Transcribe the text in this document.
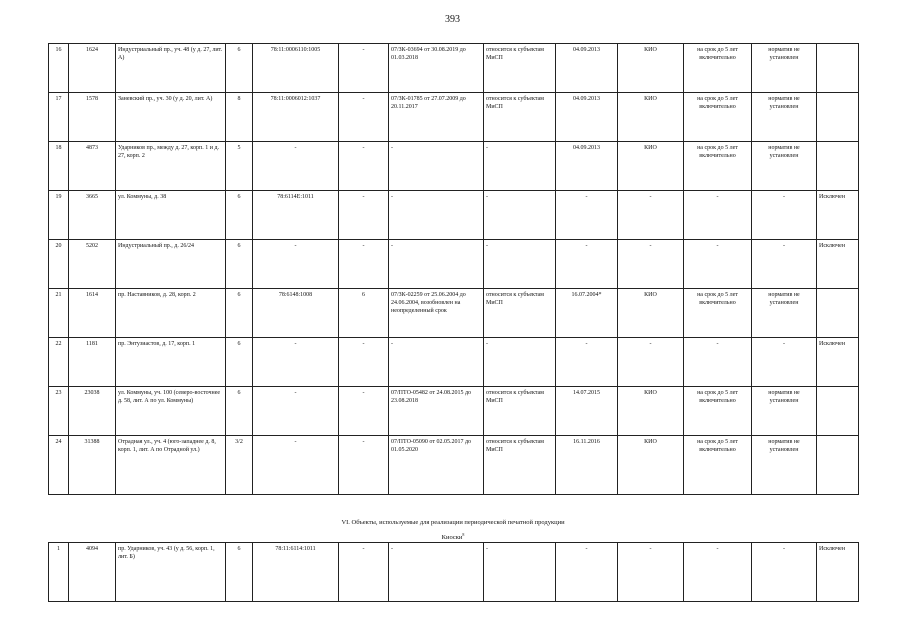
393
16	1624	Индустриальный пр., уч. 48 (у д. 27, лит. А)	6	78:11:0006110:1005	-	07/ЗК-03694 от 30.08.2019 до 01.03.2018	относится к субъектам МиСП	04.09.2013	КИО	на срок до 5 лет включительно	норматив не установлен	
17	1578	Заневский пр., уч. 30 (у д. 20, лит. А)	8	78:11:0006012:1037	-	07/ЗК-01785 от 27.07.2009 до 20.11.2017	относится к субъектам МиСП	04.09.2013	КИО	на срок до 5 лет включительно	норматив не установлен	
18	4873	Ударников пр., между д. 27, корп. 1 и д. 27, корп. 2	5	-	-	-	-	04.09.2013	КИО	на срок до 5 лет включительно	норматив не установлен	
19	3665	ул. Коммуны, д. 38	6	78:6114Е:1011	-	-	-	-	-	-	-	Исключен
20	5202	Индустриальный пр., д. 26/24	6	-	-	-	-	-	-	-	-	Исключен
21	1614	пр. Наставников, д. 28, корп. 2	6	78:6148:1008	6	07/ЗК-02259 от 25.06.2004 до 24.06.2004, возобновлен на неопределенный срок	относится к субъектам МиСП	16.07.2004*	КИО	на срок до 5 лет включительно	норматив не установлен	
22	1181	пр. Энтузиастов, д. 17, корп. 1	6	-	-	-	-	-	-	-	-	Исключен
23	23038	ул. Коммуны, уч. 100 (северо-восточнее д. 58, лит. А по ул. Коммуны)	6	-	-	07/ПТО-05482 от 24.08.2015 до 23.08.2018	относится к субъектам МиСП	14.07.2015	КИО	на срок до 5 лет включительно	норматив не установлен	
24	31388	Отрадная ул., уч. 4 (юго-западнее д. 8, корп. 1, лит. А по Отрадной ул.)	3/2	-	-	07/ПТО-05090 от 02.05.2017 до 01.05.2020	относится к субъектам МиСП	16.11.2016	КИО	на срок до 5 лет включительно	норматив не установлен	
VI. Объекты, используемые для реализации периодической печатной продукции
Киоски$^8$
1	4094	пр. Ударников, уч. 43 (у д. 56, корп. 1, лит. Б)	6	78:11:6114:1011	-	-	-	-	-	-	-	Исключен
